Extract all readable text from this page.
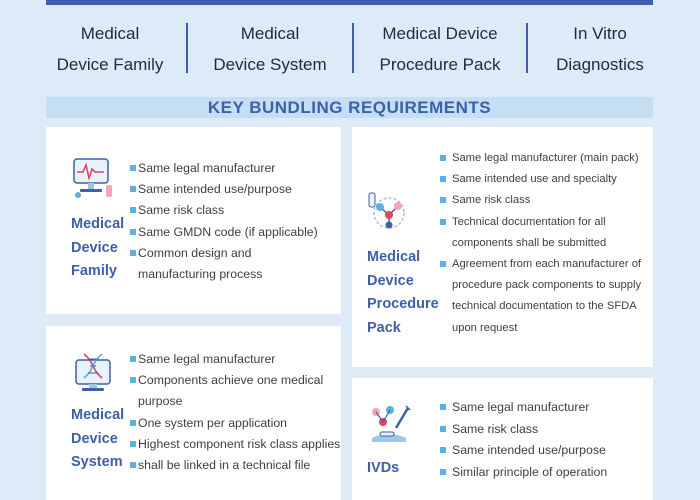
Medical
Device Family
Medical
Device System
Medical Device
Procedure Pack
In Vitro
Diagnostics
KEY BUNDLING REQUIREMENTS
Medical
Device
Family
Same legal manufacturer
Same intended use/purpose
Same risk class
Same GMDN code (if applicable)
Common design and
manufacturing process
Medical
Device
Procedure
Pack
Same legal manufacturer (main pack)
Same intended use and specialty
Same risk class
Technical documentation for all
components shall be submitted
Agreement from each manufacturer of
procedure pack components to supply
technical documentation to the SFDA
upon request
Medical
Device
System
Same legal manufacturer
Components achieve one medical
purpose
One system per application
Highest component risk class applies
shall be linked in a technical file	IVDs
Same legal manufacturer
Same risk class
Same intended use/purpose
Similar principle of operation
